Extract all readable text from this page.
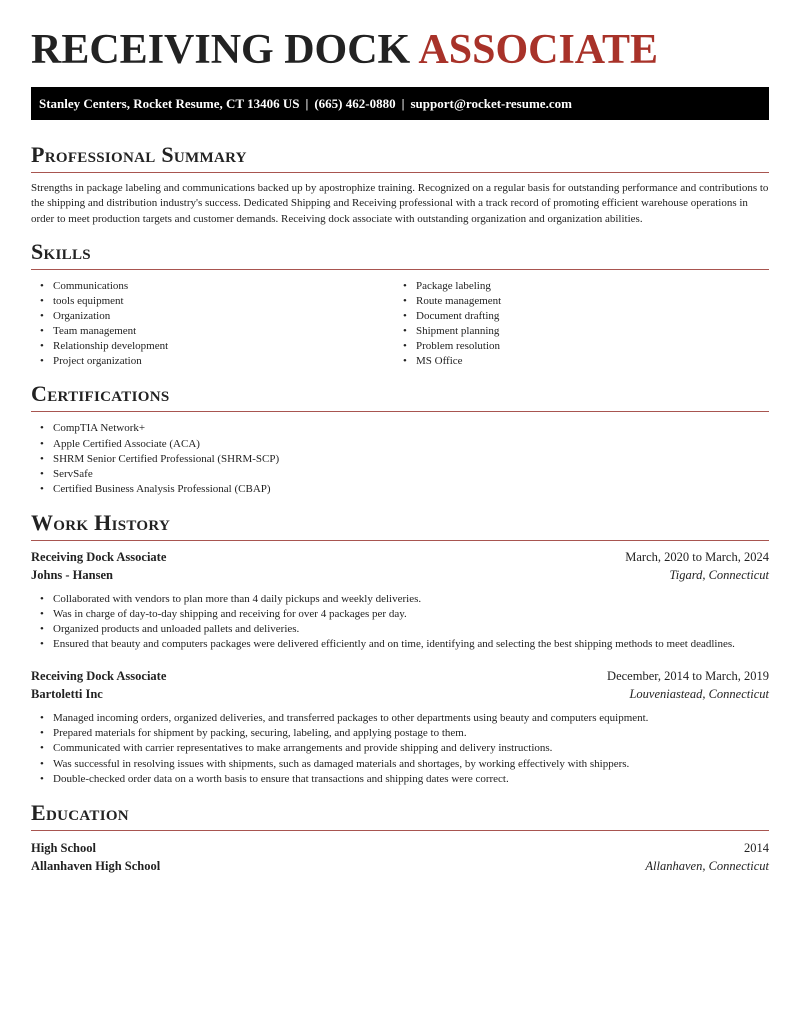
RECEIVING DOCK ASSOCIATE
Stanley Centers, Rocket Resume, CT 13406 US | (665) 462-0880 | support@rocket-resume.com
Professional Summary

Strengths in package labeling and communications backed up by apostrophize training. Recognized on a regular basis for outstanding performance and contributions to the shipping and distribution industry's success. Dedicated Shipping and Receiving professional with a track record of promoting efficient warehouse operations in order to meet production targets and customer demands. Receiving dock associate with outstanding organization and organization abilities.

Skills
• Communications
• tools equipment
• Organization
• Team management
• Relationship development
• Project organization
• Package labeling
• Route management
• Document drafting
• Shipment planning
• Problem resolution
• MS Office
Certifications
• CompTIA Network+
• Apple Certified Associate (ACA)
• SHRM Senior Certified Professional (SHRM-SCP)
• ServSafe
• Certified Business Analysis Professional (CBAP)
Work History
Receiving Dock Associate	March, 2020 to March, 2024
Johns - Hansen	Tigard, Connecticut
• Collaborated with vendors to plan more than 4 daily pickups and weekly deliveries.
• Was in charge of day-to-day shipping and receiving for over 4 packages per day.
• Organized products and unloaded pallets and deliveries.
• Ensured that beauty and computers packages were delivered efficiently and on time, identifying and selecting the best shipping methods to meet deadlines.
Receiving Dock Associate	December, 2014 to March, 2019
Bartoletti Inc	Louveniastead, Connecticut
• Managed incoming orders, organized deliveries, and transferred packages to other departments using beauty and computers equipment.
• Prepared materials for shipment by packing, securing, labeling, and applying postage to them.
• Communicated with carrier representatives to make arrangements and provide shipping and delivery instructions.
• Was successful in resolving issues with shipments, such as damaged materials and shortages, by working effectively with shippers.
• Double-checked order data on a worth basis to ensure that transactions and shipping dates were correct.
Education
High School	2014
Allanhaven High School	Allanhaven, Connecticut
